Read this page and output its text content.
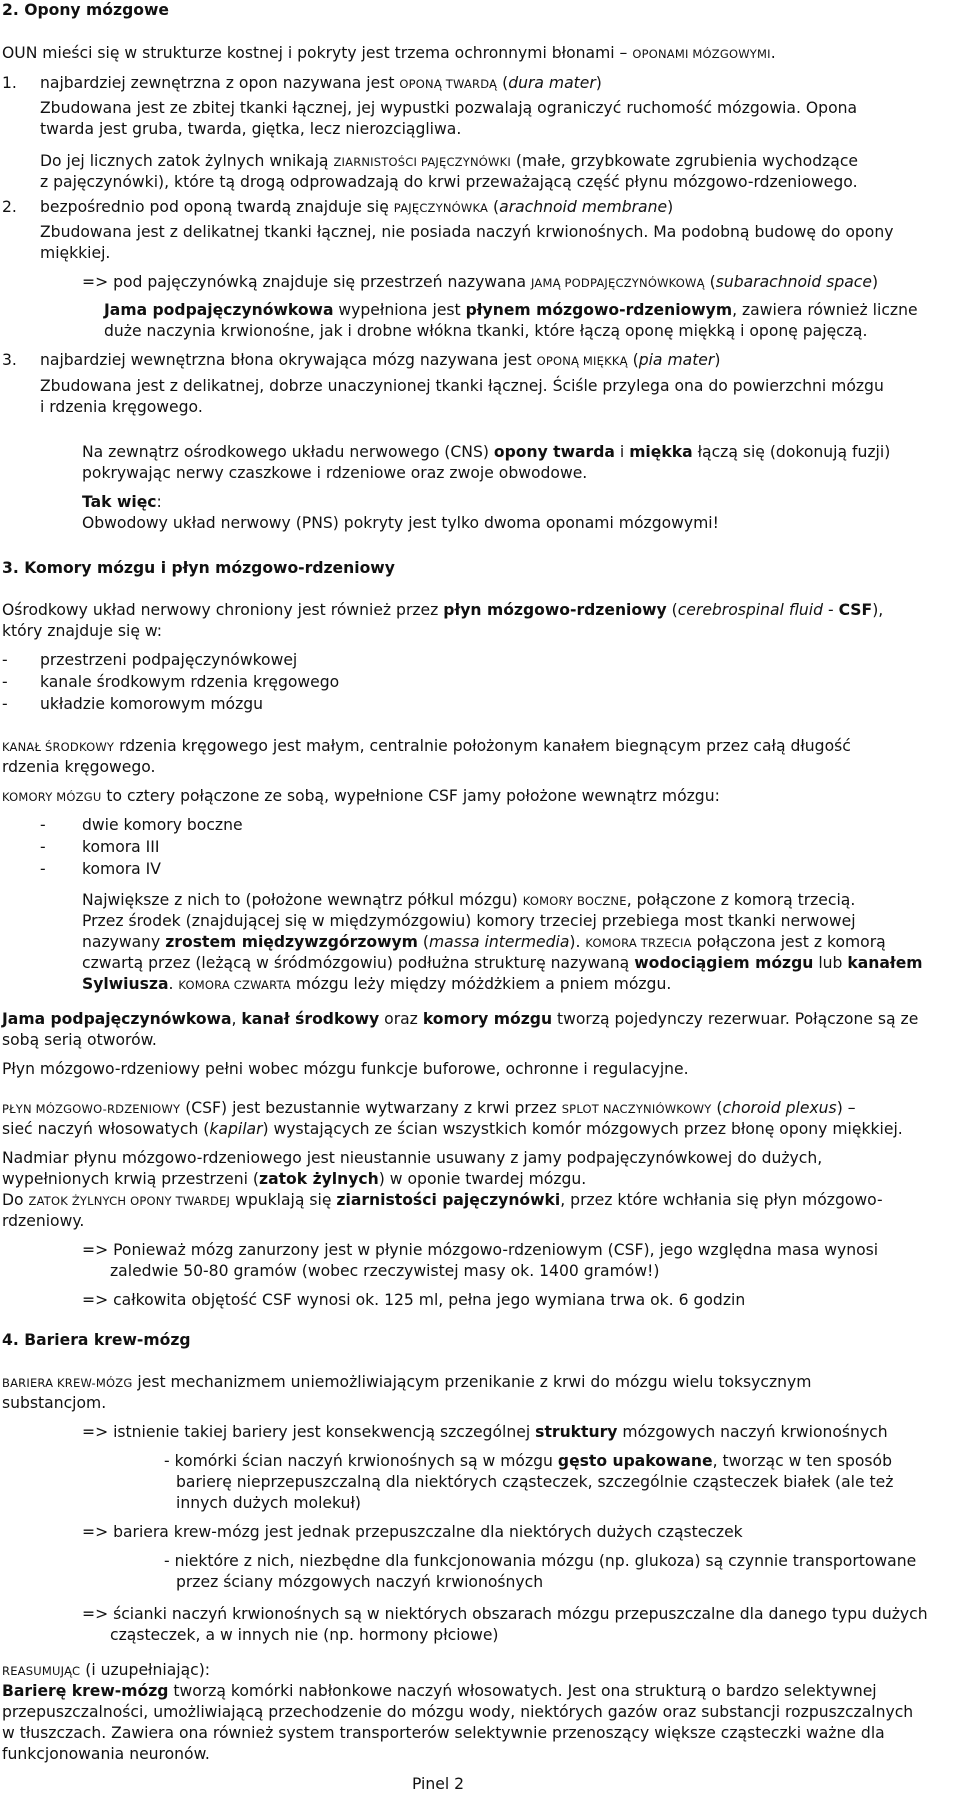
2. Opony mózgowe
OUN mieści się w strukturze kostnej i pokryty jest trzema ochronnymi błonami – OPONAMI MÓZGOWYMI.
1. najbardziej zewnętrzna z opon nazywana jest OPONĄ TWARDĄ (dura mater)
Zbudowana jest ze zbitej tkanki łącznej, jej wypustki pozwalają ograniczyć ruchomość mózgowia. Opona
twarda jest gruba, twarda, giętka, lecz nierozciągliwa.
Do jej licznych zatok żylnych wnikają ZIARNISTOŚCI PAJĘCZYNÓWKI (małe, grzybkowate zgrubienia wychodzące
z pajęczynówki), które tą drogą odprowadzają do krwi przeważającą część płynu mózgowo-rdzeniowego.
2. bezpośrednio pod oponą twardą znajduje się PAJĘCZYNÓWKA (arachnoid membrane)
Zbudowana jest z delikatnej tkanki łącznej, nie posiada naczyń krwionośnych. Ma podobną budowę do opony
miękkiej.
=> pod pajęczynówką znajduje się przestrzeń nazywana JAMĄ PODPAJĘCZYNÓWKOWĄ (subarachnoid space)
Jama podpajęczynówkowa wypełniona jest płynem mózgowo-rdzeniowym, zawiera również liczne
duże naczynia krwionośne, jak i drobne włókna tkanki, które łączą oponę miękką i oponę pajęczą.
3. najbardziej wewnętrzna błona okrywająca mózg nazywana jest OPONĄ MIĘKKĄ (pia mater)
Zbudowana jest z delikatnej, dobrze unaczynionej tkanki łącznej. Ściśle przylega ona do powierzchni mózgu
i rdzenia kręgowego.
Na zewnątrz ośrodkowego układu nerwowego (CNS) opony twarda i miękka łączą się (dokonują fuzji)
pokrywając nerwy czaszkowe i rdzeniowe oraz zwoje obwodowe.
Tak więc:
Obwodowy układ nerwowy (PNS) pokryty jest tylko dwoma oponami mózgowymi!
3. Komory mózgu i płyn mózgowo-rdzeniowy
Ośrodkowy układ nerwowy chroniony jest również przez płyn mózgowo-rdzeniowy (cerebrospinal fluid - CSF),
który znajduje się w:
- przestrzeni podpajęczynówkowej
- kanale środkowym rdzenia kręgowego
- układzie komorowym mózgu
KANAŁ ŚRODKOWY rdzenia kręgowego jest małym, centralnie położonym kanałem biegnącym przez całą długość
rdzenia kręgowego.
KOMORY MÓZGU to cztery połączone ze sobą, wypełnione CSF jamy położone wewnątrz mózgu:
- dwie komory boczne
- komora III
- komora IV
Największe z nich to (położone wewnątrz półkul mózgu) KOMORY BOCZNE, połączone z komorą trzecią.
Przez środek (znajdującej się w międzymózgowiu) komory trzeciej przebiega most tkanki nerwowej
nazywany zrostem międzywzgórzowym (massa intermedia). KOMORA TRZECIA połączona jest z komorą
czwartą przez (leżącą w śródmózgowiu) podłużna strukturę nazywaną wodociągiem mózgu lub kanałem
Sylwiusza. KOMORA CZWARTA mózgu leży między móżdżkiem a pniem mózgu.
Jama podpajęczynówkowa, kanał środkowy oraz komory mózgu tworzą pojedynczy rezerwuar. Połączone są ze
sobą serią otworów.
Płyn mózgowo-rdzeniowy pełni wobec mózgu funkcje buforowe, ochronne i regulacyjne.
PŁYN MÓZGOWO-RDZENIOWY (CSF) jest bezustannie wytwarzany z krwi przez SPLOT NACZYNIÓWKOWY (choroid plexus) –
sieć naczyń włosowatych (kapilar) wystających ze ścian wszystkich komór mózgowych przez błonę opony miękkiej.
Nadmiar płynu mózgowo-rdzeniowego jest nieustannie usuwany z jamy podpajęczynówkowej do dużych,
wypełnionych krwią przestrzeni (zatok żylnych) w oponie twardej mózgu.
Do ZATOK ŻYLNYCH OPONY TWARDEJ wpuklają się ziarnistości pajęczynówki, przez które wchłania się płyn mózgowo-
rdzeniowy.
=> Ponieważ mózg zanurzony jest w płynie mózgowo-rdzeniowym (CSF), jego względna masa wynosi
zaledwie 50-80 gramów (wobec rzeczywistej masy ok. 1400 gramów!)
=> całkowita objętość CSF wynosi ok. 125 ml, pełna jego wymiana trwa ok. 6 godzin
4. Bariera krew-mózg
BARIERA KREW-MÓZG jest mechanizmem uniemożliwiającym przenikanie z krwi do mózgu wielu toksycznym
substancjom.
=> istnienie takiej bariery jest konsekwencją szczególnej struktury mózgowych naczyń krwionośnych
- komórki ścian naczyń krwionośnych są w mózgu gęsto upakowane, tworząc w ten sposób
barierę nieprzepuszczalną dla niektórych cząsteczek, szczególnie cząsteczek białek (ale też
innych dużych molekuł)
=> bariera krew-mózg jest jednak przepuszczalne dla niektórych dużych cząsteczek
- niektóre z nich, niezbędne dla funkcjonowania mózgu (np. glukoza) są czynnie transportowane
przez ściany mózgowych naczyń krwionośnych
=> ścianki naczyń krwionośnych są w niektórych obszarach mózgu przepuszczalne dla danego typu dużych
cząsteczek, a w innych nie (np. hormony płciowe)
REASUMUJĄC (i uzupełniając):
Barierę krew-mózg tworzą komórki nabłonkowe naczyń włosowatych. Jest ona strukturą o bardzo selektywnej
przepuszczalności, umożliwiającą przechodzenie do mózgu wody, niektórych gazów oraz substancji rozpuszczalnych
w tłuszczach. Zawiera ona również system transporterów selektywnie przenoszący większe cząsteczki ważne dla
funkcjonowania neuronów.
Pinel 2
